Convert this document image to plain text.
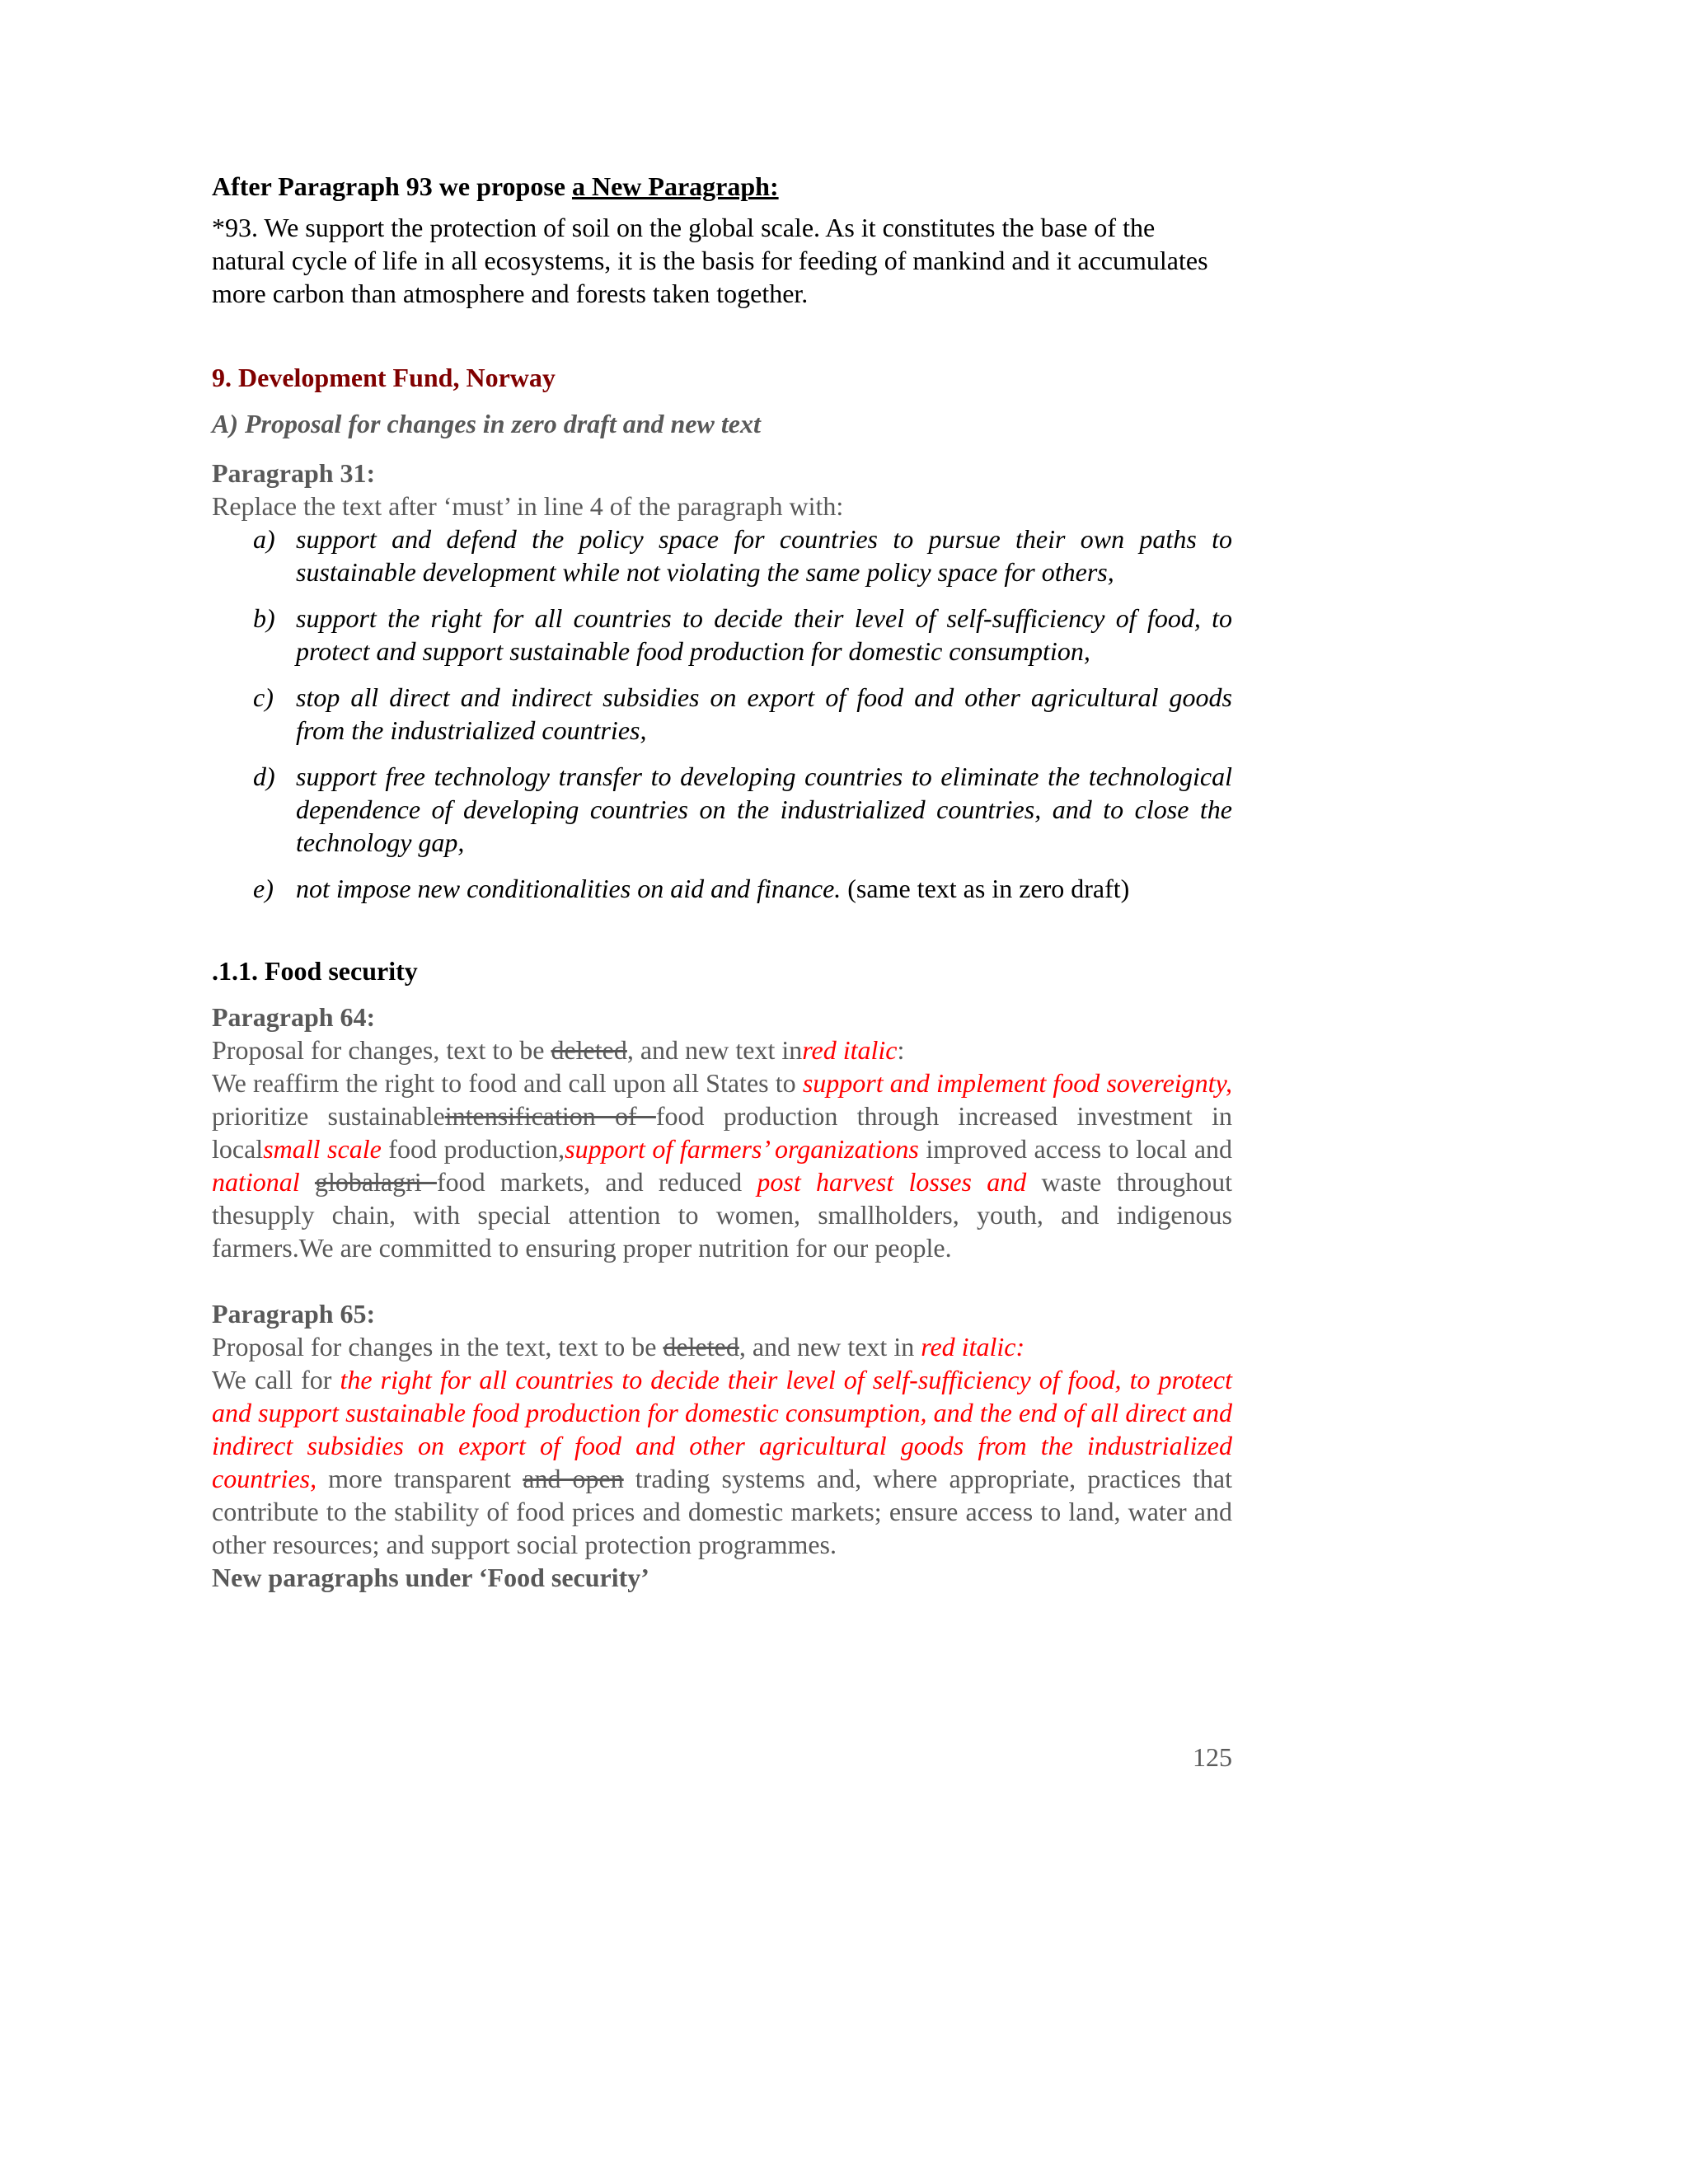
After Paragraph 93 we propose a New Paragraph:

*93. We support the protection of soil on the global scale. As it constitutes the base of the natural cycle of life in all ecosystems, it is the basis for feeding of mankind and it accumulates more carbon than atmosphere and forests taken together.

9. Development Fund, Norway

A) Proposal for changes in zero draft and new text

Paragraph 31:

Replace the text after ‘must’ in line 4 of the paragraph with:

a) support and defend the policy space for countries to pursue their own paths to sustainable development while not violating the same policy space for others,
b) support the right for all countries to decide their level of self-sufficiency of food, to protect and support sustainable food production for domestic consumption,
c) stop all direct and indirect subsidies on export of food and other agricultural goods from the industrialized countries,
d) support free technology transfer to developing countries to eliminate the technological dependence of developing countries on the industrialized countries, and to close the technology gap,
e) not impose new conditionalities on aid and finance. (same text as in zero draft)

.1.1. Food security

Paragraph 64:

Proposal for changes, text to be deleted, and new text inred italic:

We reaffirm the right to food and call upon all States to support and implement food sovereignty, prioritize sustainableintensification of food production through increased investment in localsmall scale food production,support of farmers’ organizations improved access to local and national globalagri food markets, and reduced post harvest losses and waste throughout thesupply chain, with special attention to women, smallholders, youth, and indigenous farmers.We are committed to ensuring proper nutrition for our people.

Paragraph 65:

Proposal for changes in the text, text to be deleted, and new text in red italic:

We call for the right for all countries to decide their level of self-sufficiency of food, to protect and support sustainable food production for domestic consumption, and the end of all direct and indirect subsidies on export of food and other agricultural goods from the industrialized countries, more transparent and open trading systems and, where appropriate, practices that contribute to the stability of food prices and domestic markets; ensure access to land, water and other resources; and support social protection programmes.

New paragraphs under ‘Food security’

125
